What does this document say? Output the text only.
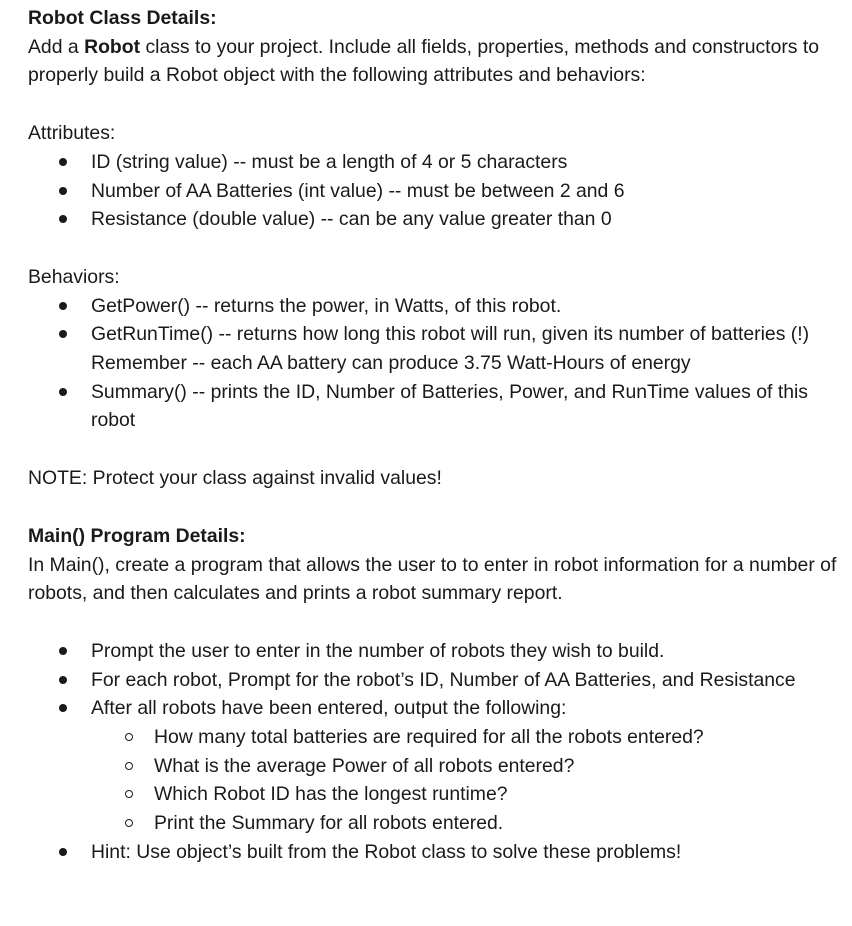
Robot Class Details:

Add a Robot class to your project. Include all fields, properties, methods and constructors to properly build a Robot object with the following attributes and behaviors:

Attributes:

ID (string value) -- must be a length of 4 or 5 characters
Number of AA Batteries (int value) -- must be between 2 and 6
Resistance (double value) -- can be any value greater than 0

Behaviors:

GetPower() -- returns the power, in Watts, of this robot.
GetRunTime() -- returns how long this robot will run, given its number of batteries (!) Remember -- each AA battery can produce 3.75 Watt-Hours of energy
Summary() -- prints the ID, Number of Batteries, Power, and RunTime values of this robot

NOTE: Protect your class against invalid values!

Main() Program Details:

In Main(), create a program that allows the user to to enter in robot information for a number of robots, and then calculates and prints a robot summary report.

Prompt the user to enter in the number of robots they wish to build.
For each robot, Prompt for the robot’s ID, Number of AA Batteries, and Resistance
After all robots have been entered, output the following:
How many total batteries are required for all the robots entered?
What is the average Power of all robots entered?
Which Robot ID has the longest runtime?
Print the Summary for all robots entered.
Hint: Use object’s built from the Robot class to solve these problems!
